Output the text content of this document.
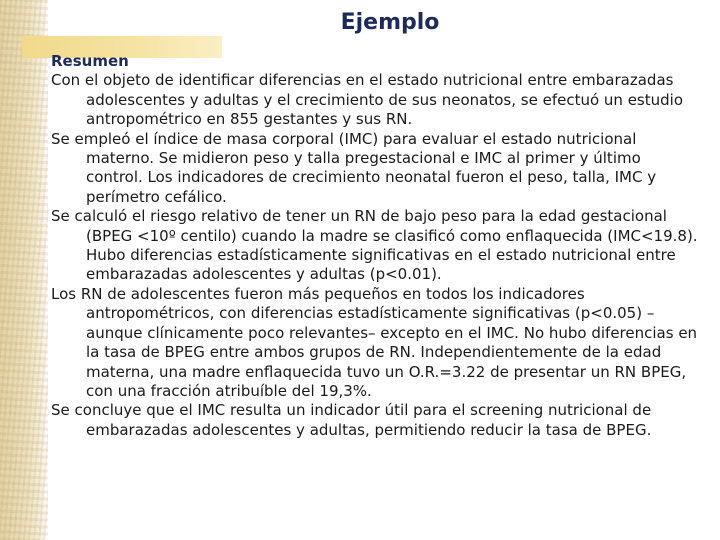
Ejemplo
Resumen
Con el objeto de identificar diferencias en el estado nutricional entre embarazadas adolescentes y adultas y el crecimiento de sus neonatos, se efectuó un estudio antropométrico en 855 gestantes y sus RN.
Se empleó el índice de masa corporal (IMC) para evaluar el estado nutricional materno. Se midieron peso y talla pregestacional e IMC al primer y último control. Los indicadores de crecimiento neonatal fueron el peso, talla, IMC y perímetro cefálico.
Se calculó el riesgo relativo de tener un RN de bajo peso para la edad gestacional (BPEG <10º centilo) cuando la madre se clasificó como enflaquecida (IMC<19.8). Hubo diferencias estadísticamente significativas en el estado nutricional entre embarazadas adolescentes y adultas (p<0.01).
Los RN de adolescentes fueron más pequeños en todos los indicadores antropométricos, con diferencias estadísticamente significativas (p<0.05) – aunque clínicamente poco relevantes– excepto en el IMC. No hubo diferencias en la tasa de BPEG entre ambos grupos de RN. Independientemente de la edad materna, una madre enflaquecida tuvo un O.R.=3.22 de presentar un RN BPEG, con una fracción atribuíble del 19,3%.
Se concluye que el IMC resulta un indicador útil para el screening nutricional de embarazadas adolescentes y adultas, permitiendo reducir la tasa de BPEG.
